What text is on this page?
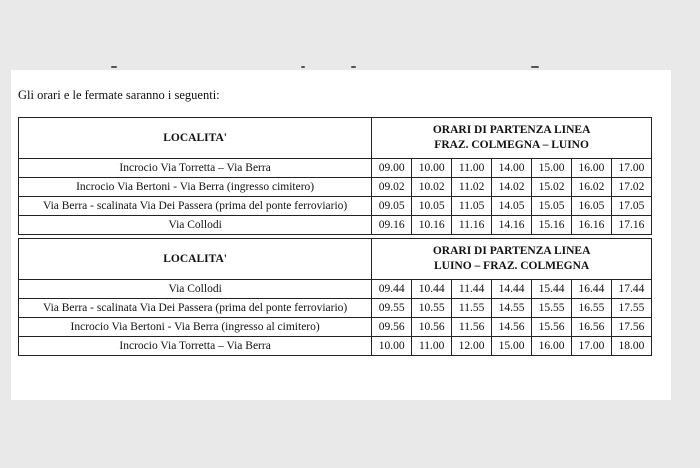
Gli orari e le fermate saranno i seguenti:
LOCALITA'	ORARI DI PARTENZA LINEA
FRAZ. COLMEGNA – LUINO						

Incrocio Via Torretta – Via Berra	09.00	10.00	11.00	14.00	15.00	16.00	17.00
Incrocio Via Bertoni - Via Berra (ingresso cimitero)	09.02	10.02	11.02	14.02	15.02	16.02	17.02
Via Berra - scalinata Via Dei Passera (prima del ponte ferroviario)	09.05	10.05	11.05	14.05	15.05	16.05	17.05
Via Collodi	09.16	10.16	11.16	14.16	15.16	16.16	17.16
LOCALITA'	ORARI DI PARTENZA LINEA
LUINO – FRAZ. COLMEGNA						

Via Collodi	09.44	10.44	11.44	14.44	15.44	16.44	17.44
Via Berra - scalinata Via Dei Passera (prima del ponte ferroviario)	09.55	10.55	11.55	14.55	15.55	16.55	17.55
Incrocio Via Bertoni - Via Berra (ingresso al cimitero)	09.56	10.56	11.56	14.56	15.56	16.56	17.56
Incrocio Via Torretta – Via Berra	10.00	11.00	12.00	15.00	16.00	17.00	18.00
